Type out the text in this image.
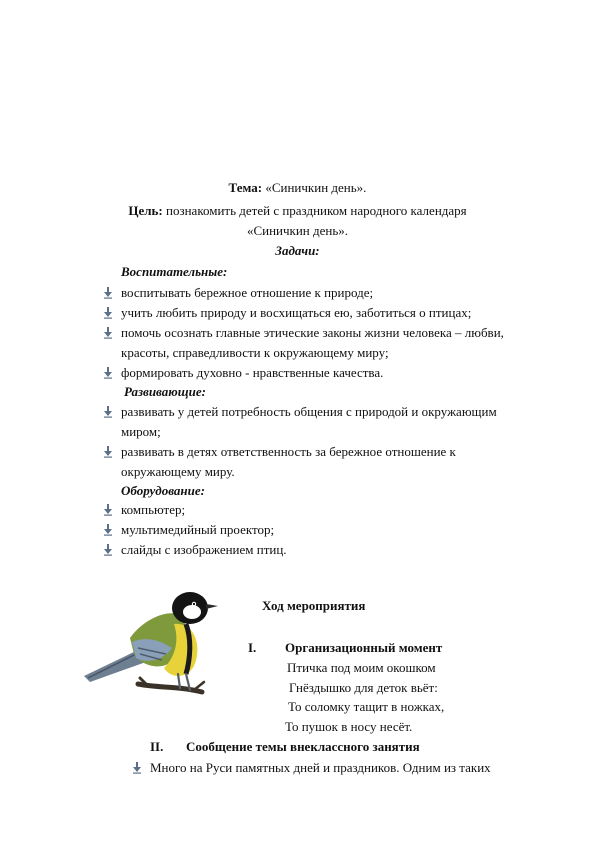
Тема: «Синичкин день».
Цель: познакомить детей с праздником народного календаря
«Синичкин день».
Задачи:
Воспитательные:
воспитывать бережное отношение к природе;
учить любить природу и восхищаться ею, заботиться о птицах;
помочь осознать главные этические законы жизни человека – любви,
красоты, справедливости к окружающему миру;
формировать духовно - нравственные качества.
Развивающие:
развивать у детей потребность общения с природой и окружающим
миром;
развивать в детях ответственность за бережное отношение к
окружающему миру.
Оборудование:
компьютер;
мультимедийный проектор;
слайды с изображением птиц.
Ход мероприятия
I. Организационный момент
Птичка под моим окошком
Гнёздышко для деток вьёт:
То соломку тащит в ножках,
То пушок в носу несёт.
II. Сообщение темы внеклассного занятия
Много на Руси памятных дней и праздников. Одним из таких
